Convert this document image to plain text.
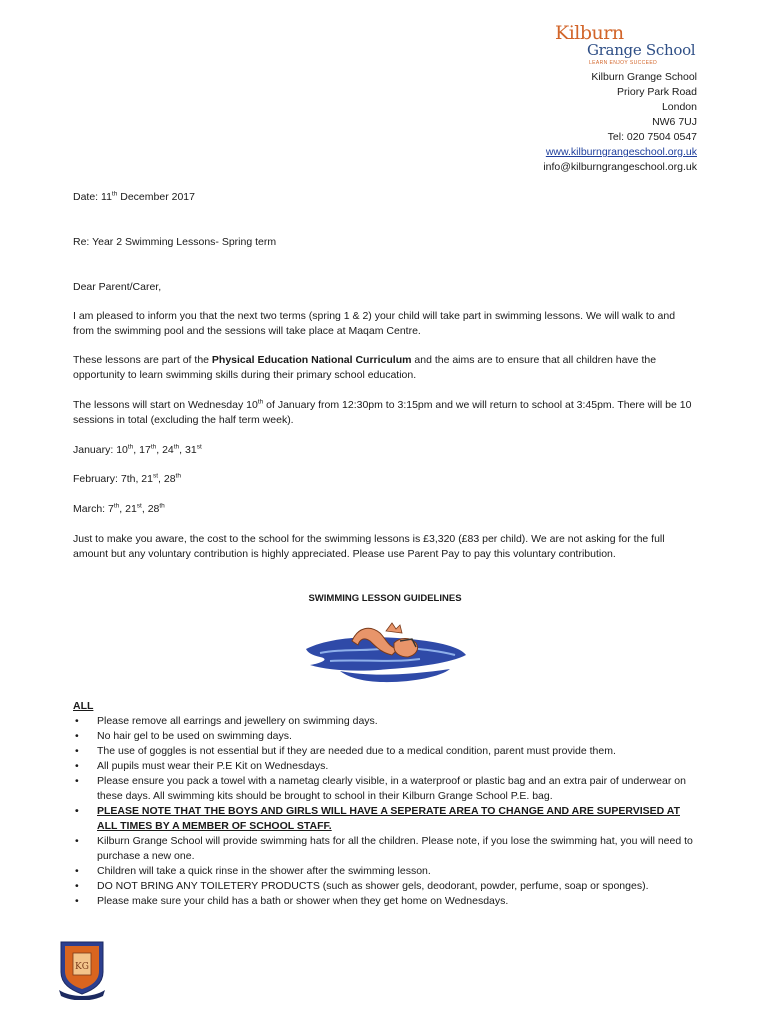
Kilburn
Grange School
LEARN ENJOY SUCCEED
Kilburn Grange School
Priory Park Road
London
NW6 7UJ
Tel: 020 7504 0547
www.kilburngrangeschool.org.uk
info@kilburngrangeschool.org.uk
Date: 11th December 2017
Re: Year 2 Swimming Lessons- Spring term
Dear Parent/Carer,
I am pleased to inform you that the next two terms (spring 1 & 2) your child will take part in swimming lessons. We will walk to and from the swimming pool and the sessions will take place at Maqam Centre.
These lessons are part of the Physical Education National Curriculum and the aims are to ensure that all children have the opportunity to learn swimming skills during their primary school education.
The lessons will start on Wednesday 10th of January from 12:30pm to 3:15pm and we will return to school at 3:45pm. There will be 10 sessions in total (excluding the half term week).
January: 10th, 17th, 24th, 31st
February: 7th, 21st, 28th
March: 7th, 21st, 28th
Just to make you aware, the cost to the school for the swimming lessons is £3,320 (£83 per child). We are not asking for the full amount but any voluntary contribution is highly appreciated. Please use Parent Pay to pay this voluntary contribution.
SWIMMING LESSON GUIDELINES
ALL
• Please remove all earrings and jewellery on swimming days.
• No hair gel to be used on swimming days.
• The use of goggles is not essential but if they are needed due to a medical condition, parent must provide them.
• All pupils must wear their P.E Kit on Wednesdays.
• Please ensure you pack a towel with a nametag clearly visible, in a waterproof or plastic bag and an extra pair of underwear on these days. All swimming kits should be brought to school in their Kilburn Grange School P.E. bag.
• PLEASE NOTE THAT THE BOYS AND GIRLS WILL HAVE A SEPERATE AREA TO CHANGE AND ARE SUPERVISED AT ALL TIMES BY A MEMBER OF SCHOOL STAFF.
• Kilburn Grange School will provide swimming hats for all the children. Please note, if you lose the swimming hat, you will need to purchase a new one.
• Children will take a quick rinse in the shower after the swimming lesson.
• DO NOT BRING ANY TOILETERY PRODUCTS (such as shower gels, deodorant, powder, perfume, soap or sponges).
• Please make sure your child has a bath or shower when they get home on Wednesdays.
KG
